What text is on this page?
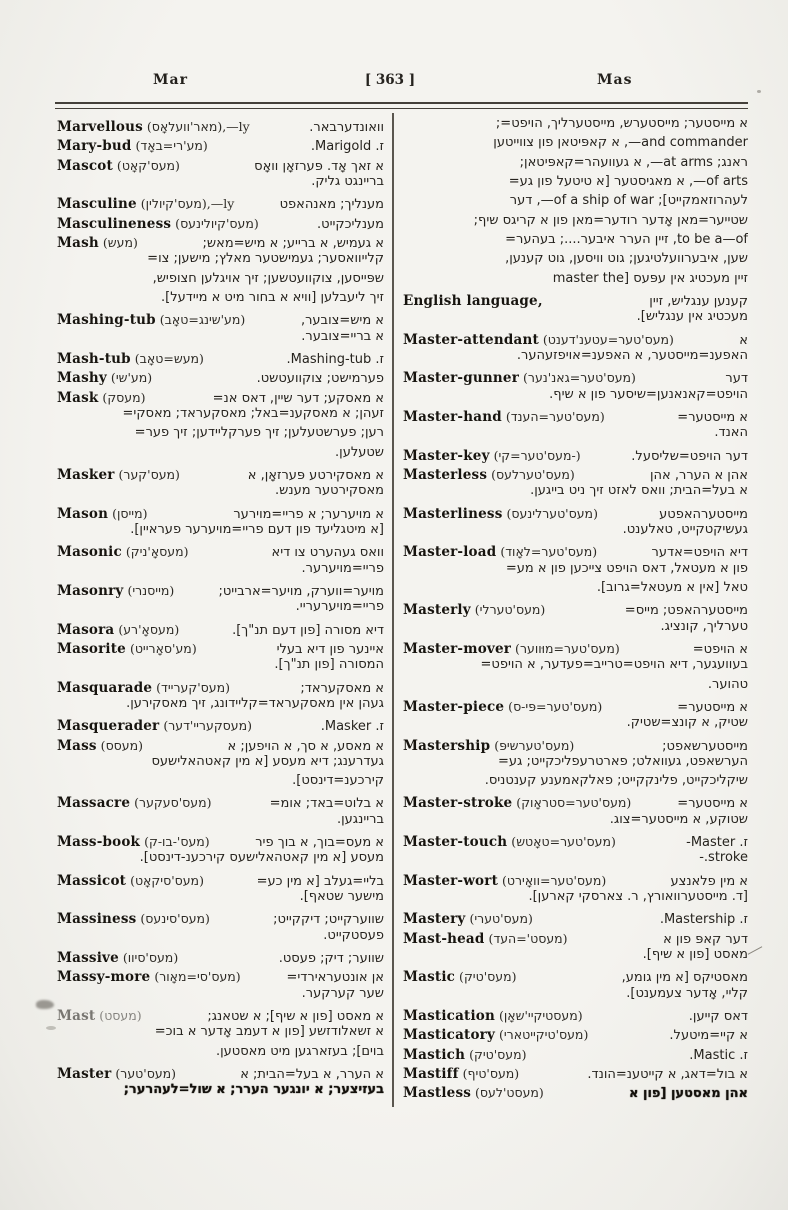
Mar	[ 363 ]	Mas
Marvellous (מאר'וועלאָס),—ly	וואונדערבאר.
Mary-bud (מע'רי=באָד)	ז. Marigold.
Mascot (מעס'קאָט)	א זאך אָד. פּערזאָן וואָס
בריינגט גליק.
Masculine (מעס'קיולין),—ly	מענליך; מאנהאפט
Masculineness (מעס'קיולינעס)	מענליכקייט.
Mash (מעש)	א געמיש, א ברייע; א מיש=מאש;
קלייוואסער; געמישטער מאלץ; מישען; צו=
שפּייסען, צוקוועטשען; זיך אויגלען חצופיש,
זיך ליעבלען [וויא א בחור מיט א מיידעל].
Mashing-tub (מע'שינג=טאָב)	א מיש=צובער,
א בריי=צובער.
Mash-tub (מעש=טאָב)	ז. Mashing-tub.
Mashy (מע'שי)	פערמישט; צוקוועטשט.
Mask (מעסק)	א מאסקע; דער שיין, דאס אנ=
זעהן; א מאסקענ=באל; מאסקעראד; מאסקי=
רען; פערשטעלען; זיך פערקליידען; זיך פער=
שטעלען.
Masker (מעס'קער)	א מאסקירטע פּערזאָן, א
מאסקירטער מענש.
Mason (מייסן)	א מויערער; א פריי=מוירער
[א מיטגליעד פון דעם פריי=מויערער פעראיין].
Masonic (מעסאָ'ניק)	וואס געהערט צו דיא
פריי=מויערער.
Masonry (מייסנרי)	מויער=ווערק, מויער=ארבייט;
פריי=מויערעריי.
Masora (מעסאָ'רע)	דיא מסורה [פון דעם תנ"ך].
Masorite (מע'סאָרייט)	איינער פון דיא בעלי
המסורה [פון תנ"ך].
Masquarade (מעס'קערייד)	א מאסקעראד;
געהן אין מאסקעראד=קליידונג, זיך מאסקירען.
Masquerader (מעסקעריי'דער)	ז. Masker.
Mass (מעסס)	א מאסע, א סך, א הויפען; א
געדרענג; דיא מעסע [א מין קאטהאלישעס
קירכענ=דינסט].
Massacre (מעס'סעקער)	א בלוט=באד; אומ=
בריינגען.
Mass-book (מעס'-בו-ק)	א מעס=בוך, א בוך פיר
מעסע [א מין קאטהאלישעס קירכענ-דינסט].
Massicot (מעס'סיקאָט)	בליי=געלב [א מין כע=
מישער שטאף].
Massiness (מעס'סינעס)	שווערקייט; דיקקייט;
פעסטקייט.
Massive (מעס'סיוו)	שווער; דיק; פעסט.
Massy-more (מעס'סי=מאָור)	אן אונטעראירדי=
שער קערקער.
Mast (מעסט)	א מאסט [פון א שיף]; א שטאנג;
א זשאלודזשע [פון א דעמב אָדער א בוכ=
בוים]; בעזארגען מיט מאסטען.
Master (מעס'טער)	א הערר, א בעל=הבית; א
בעזיצער; א יונגער הערר; א שול=לעהרער;
א מייסטער; מייסטערש, מייסטערליך, הויפט=;
‎—and commander, א קאפּיטאן פון צווייטען
ראנג; ‎—at arms, א געוועהר=קאפּיטאן;
‎—of arts, א מאגיסטער [א טיטעל פון גע=
לעהרוזאמקייט]; ‎—of a ship of war, דער
שטייער=מאן אָדער רודער=מאן פון א קריגס שיף;
to be a‎—of, זיין הערר איבער....; בעהער=
שען, איבערוועלטיגען; גוט וויסען, גוט קענען,
זיין מעכטיג אין עפּעס [master the
English language,	קענען ענגליש, זיין
מעכטיג אין ענגליש].
Master-attendant (מעס'טער=עטענ'דענט)	א
האפענ=מייסטער, א האפענ=אויפזעהער.
Master-gunner (מעס'טער=גאנ'נער)	דער
הויפט=קאנאנען=שיסער פון א שיף.
Master-hand (מעס'טער=הענד)	א מייסטער=
האנד.
Master-key (מעס'טער=קי-)	דער הויפט=שליסעל.
Masterless (מעס'טערלעס)	אהן א הערר, אהן
א בעל=הבית; וואס לאזט זיך ניט בייגען.
Masterliness (מעס'טערלינעס)	מייסטערהאפטע
געשיקטקייט, טאלענט.
Master-load (מעס'טער=לאָוד)	דיא הויפט=אדער
פון א מעטאל, דאס הויפט צייכען פון א מע=
טאל [אין א מעטאל=גרוב].
Masterly (מעס'טערלי)	מייסטערהאפט; מייס=
טערליך, קונציג.
Master-mover (מעס'טער=מוּווער)	א הויפט=
בעוועגער, דיא הויפט=טרייב=פעדער, א הויפט=
טהוער.
Master-piece (מעס'טער=פּי-ס)	א מייסטער=
שטיק, א קונצ=שטיק.
Mastership (מעס'טערשיפּ)	מייסטערשאפט;
הערשאפט, געוואלט; פארטרעפליכקייט; גע=
שיקליכקייט, פלינקקייט; פאלקאמענע קענטניס.
Master-stroke (מעס'טער=סטראָוק)	א מייסטער=
שטוקע, א מייסטער=צוג.
Master-touch (מעס'טער=טאָטש)	ז. Master-
stroke.-
Master-wort (מעס'טער=וואָירט)	א מין פלאנצע
[ד. מייסטערוואורץ, ר. צארסקי קארען].
Mastery (מעס'טערי)	ז. Mastership.
Mast-head (מעסט'=העד)	דער קאפּ פון א
מאסט [פון א שיף].
Mastic (מעס'טיק)	מאסטיקס [א מין גומע,
קליי, אָדער צעמענט].
Mastication (מעסטיקיי'שאָן)	דאס קייען.
Masticatory (מעס'טיקייטארי)	א קיי=מיטעל.
Mastich (מעס'טיק)	ז. Mastic.
Mastiff (מעס'טיף)	א בול=דאג, א קייטענ=הונד.
Mastless (מעסט'לעס)	אהן מאסטען [פון א
